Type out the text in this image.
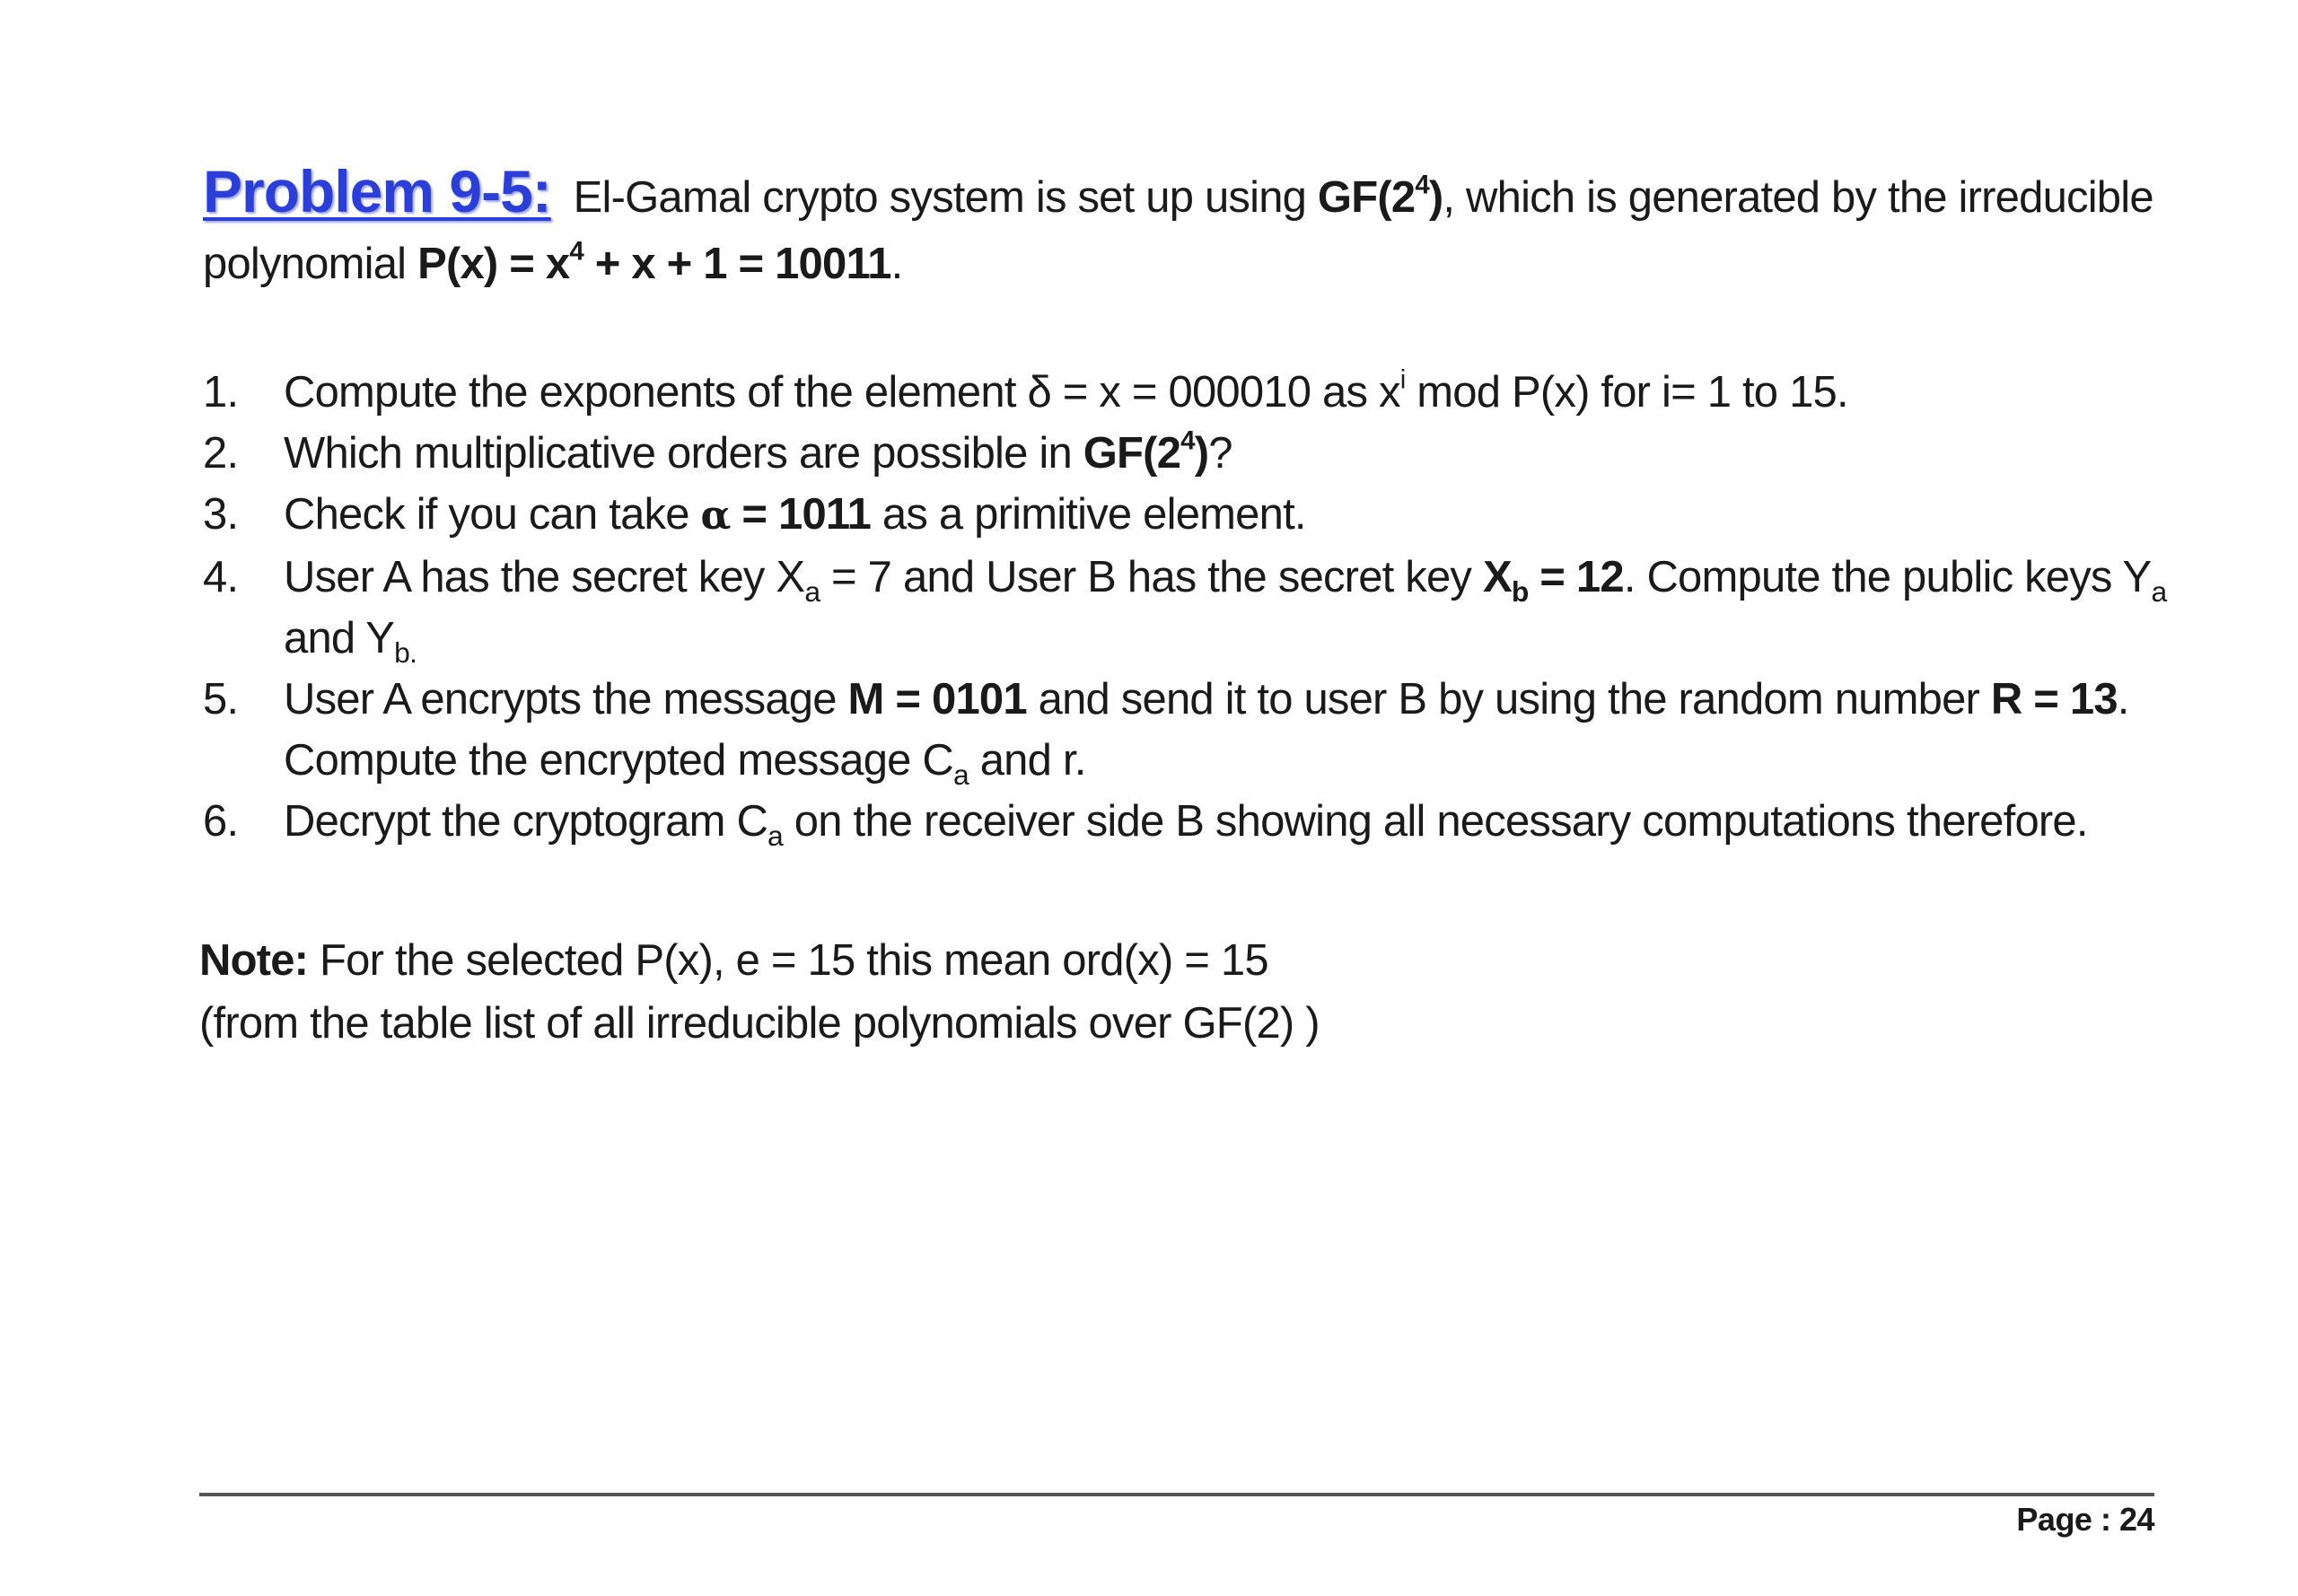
Problem 9-5: El-Gamal crypto system is set up using $GF(2^4)$, which is generated by the irreducible polynomial $P(x) = x^4 + x + 1 = 10011$.

1. Compute the exponents of the element δ = x = 000010 as $x^i$ mod P(x) for i= 1 to 15.
2. Which multiplicative orders are possible in $GF(2^4)$?
3. Check if you can take α = 1011 as a primitive element.
4. User A has the secret key $X_a = 7$ and User B has the secret key $X_b = 12$. Compute the public keys $Y_a$ and $Y_{b.}$
5. User A encrypts the message M = 0101 and send it to user B by using the random number R = 13. Compute the encrypted message $C_a$ and r.
6. Decrypt the cryptogram $C_a$ on the receiver side B showing all necessary computations therefore.
Note: For the selected P(x), e = 15 this mean ord(x) = 15
(from the table list of all irreducible polynomials over GF(2) )
Page : 24
